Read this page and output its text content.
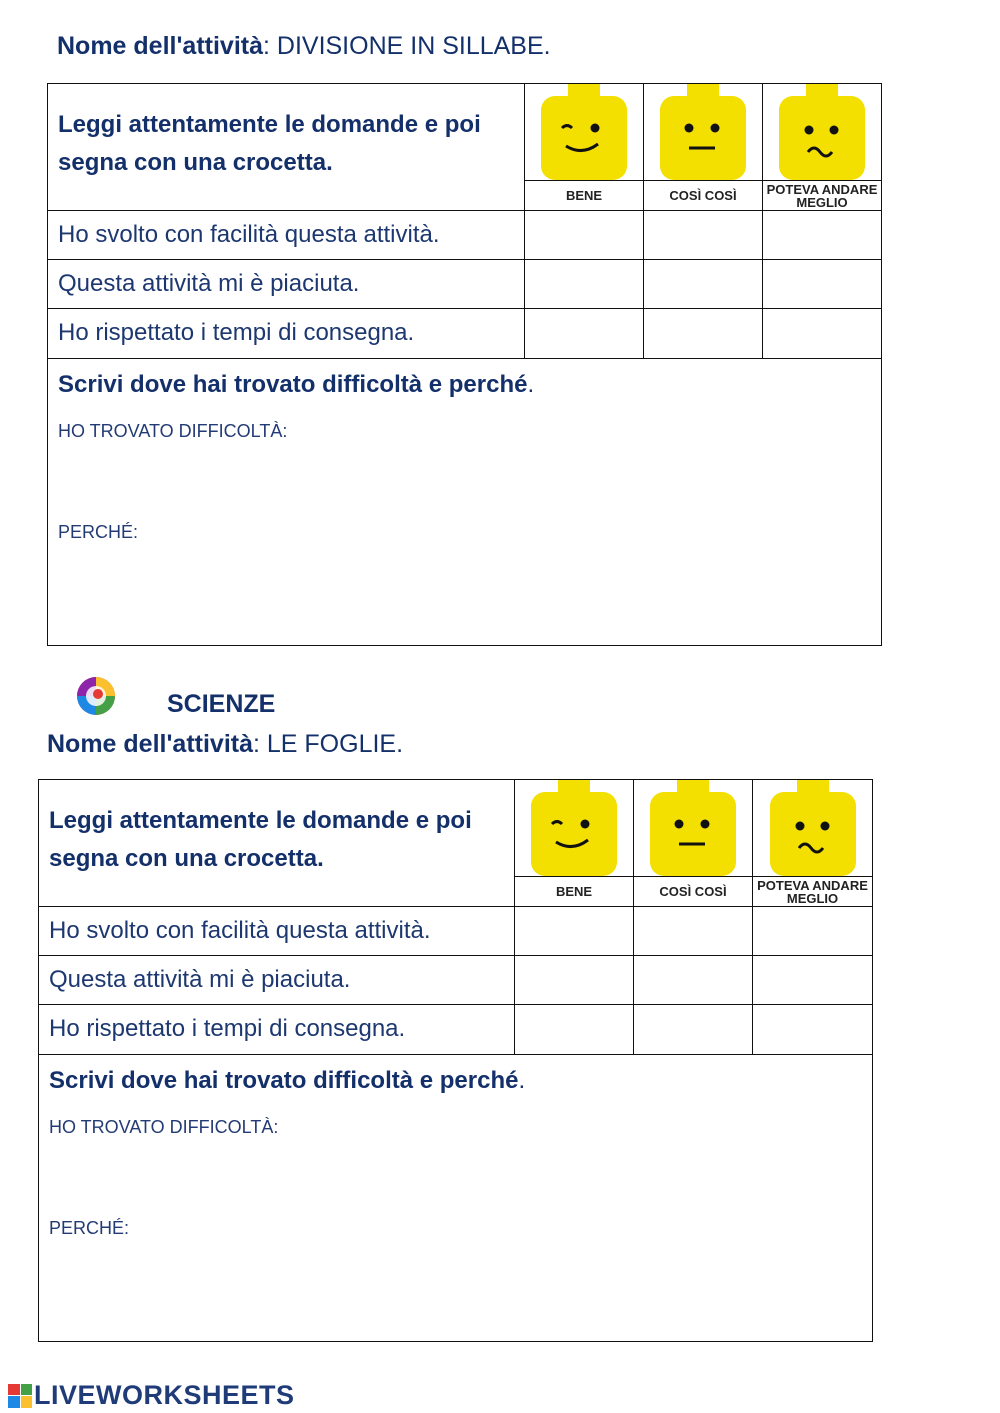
Nome dell'attività: DIVISIONE IN SILLABE.
Leggi attentamente le domande e poi segna con una crocetta.	BENE	COSÌ COSÌ	POTEVA ANDARE MEGLIO

Ho svolto con facilità questa attività.			
Questa attività mi è piaciuta.			
Ho rispettato i tempi di consegna.			

Scrivi dove hai trovato difficoltà e perché.
HO TROVATO DIFFICOLTÀ:
PERCHÉ:			
SCIENZE
Nome dell'attività: LE FOGLIE.
Leggi attentamente le domande e poi segna con una crocetta.	BENE	COSÌ COSÌ	POTEVA ANDARE MEGLIO

Ho svolto con facilità questa attività.			
Questa attività mi è piaciuta.			
Ho rispettato i tempi di consegna.			

Scrivi dove hai trovato difficoltà e perché.
HO TROVATO DIFFICOLTÀ:
PERCHÉ:			
LIVEWORKSHEETS
